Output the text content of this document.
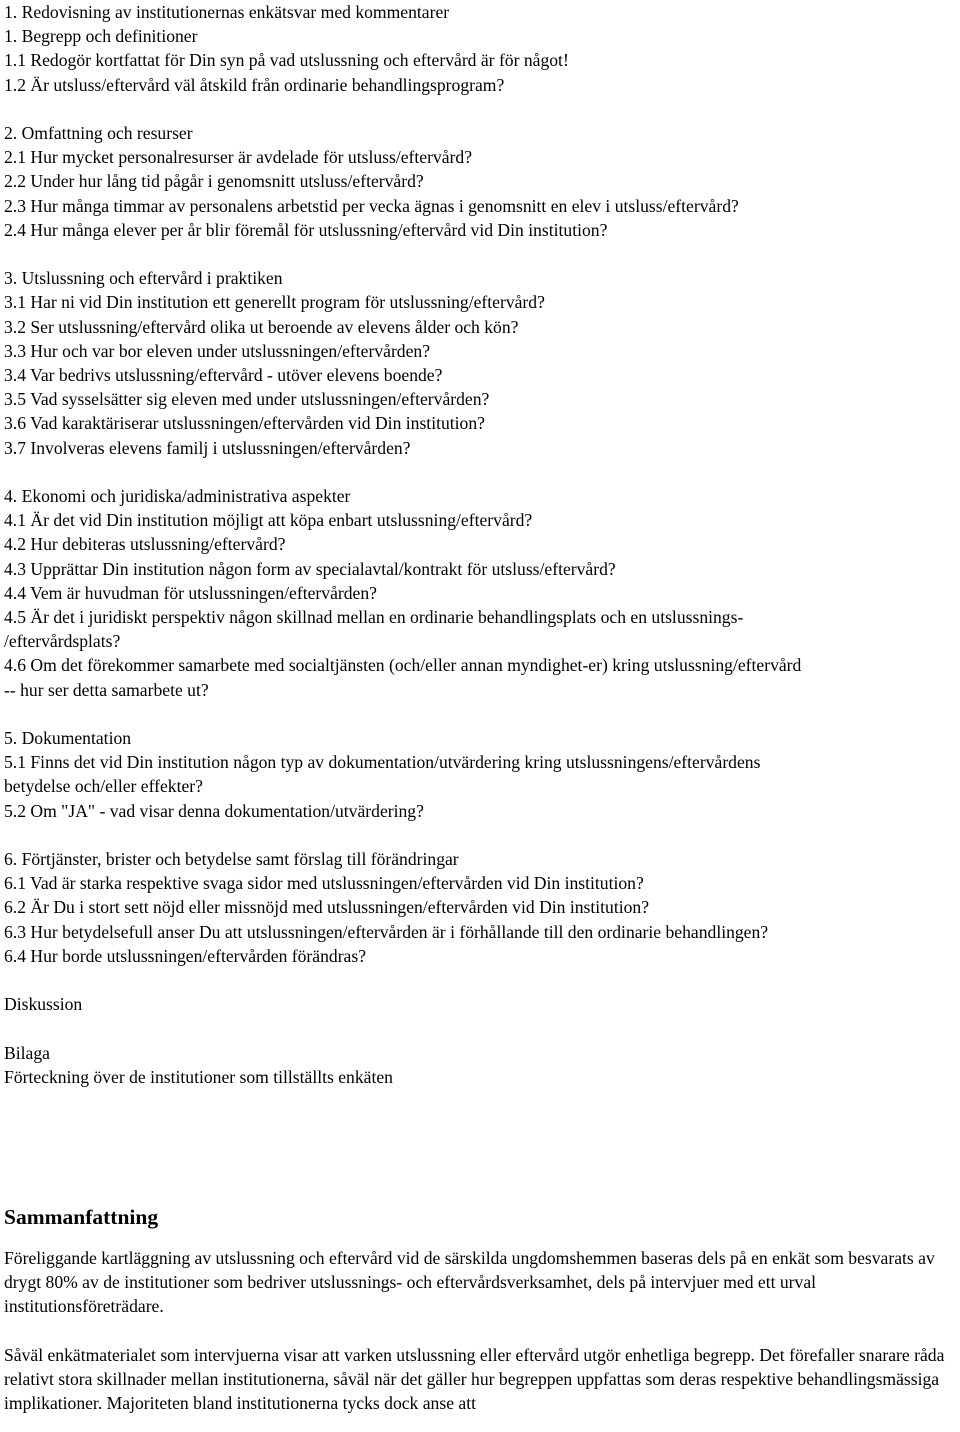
1. Redovisning av institutionernas enkätsvar med kommentarer
1. Begrepp och definitioner
1.1 Redogör kortfattat för Din syn på vad utslussning och eftervård är för något!
1.2 Är utsluss/eftervård väl åtskild från ordinarie behandlingsprogram?
2. Omfattning och resurser
2.1 Hur mycket personalresurser är avdelade för utsluss/eftervård?
2.2 Under hur lång tid pågår i genomsnitt utsluss/eftervård?
2.3 Hur många timmar av personalens arbetstid per vecka ägnas i genomsnitt en elev i utsluss/eftervård?
2.4 Hur många elever per år blir föremål för utslussning/eftervård vid Din institution?
3. Utslussning och eftervård i praktiken
3.1 Har ni vid Din institution ett generellt program för utslussning/eftervård?
3.2 Ser utslussning/eftervård olika ut beroende av elevens ålder och kön?
3.3 Hur och var bor eleven under utslussningen/eftervården?
3.4 Var bedrivs utslussning/eftervård - utöver elevens boende?
3.5 Vad sysselsätter sig eleven med under utslussningen/eftervården?
3.6 Vad karaktäriserar utslussningen/eftervården vid Din institution?
3.7 Involveras elevens familj i utslussningen/eftervården?
4. Ekonomi och juridiska/administrativa aspekter
4.1 Är det vid Din institution möjligt att köpa enbart utslussning/eftervård?
4.2 Hur debiteras utslussning/eftervård?
4.3 Upprättar Din institution någon form av specialavtal/kontrakt för utsluss/eftervård?
4.4 Vem är huvudman för utslussningen/eftervården?
4.5 Är det i juridiskt perspektiv någon skillnad mellan en ordinarie behandlingsplats och en utslussnings-
/eftervårdsplats?
4.6 Om det förekommer samarbete med socialtjänsten (och/eller annan myndighet-er) kring utslussning/eftervård
-- hur ser detta samarbete ut?
5. Dokumentation
5.1 Finns det vid Din institution någon typ av dokumentation/utvärdering kring utslussningens/eftervårdens
betydelse och/eller effekter?
5.2 Om "JA" - vad visar denna dokumentation/utvärdering?
6. Förtjänster, brister och betydelse samt förslag till förändringar
6.1 Vad är starka respektive svaga sidor med utslussningen/eftervården vid Din institution?
6.2 Är Du i stort sett nöjd eller missnöjd med utslussningen/eftervården vid Din institution?
6.3 Hur betydelsefull anser Du att utslussningen/eftervården är i förhållande till den ordinarie behandlingen?
6.4 Hur borde utslussningen/eftervården förändras?
Diskussion
Bilaga
Förteckning över de institutioner som tillställts enkäten
Sammanfattning

Föreliggande kartläggning av utslussning och eftervård vid de särskilda ungdomshemmen baseras dels på en enkät som besvarats av drygt 80% av de institutioner som bedriver utslussnings- och eftervårdsverksamhet, dels på intervjuer med ett urval institutionsföreträdare.

Såväl enkätmaterialet som intervjuerna visar att varken utslussning eller eftervård utgör enhetliga begrepp. Det förefaller snarare råda relativt stora skillnader mellan institutionerna, såväl när det gäller hur begreppen uppfattas som deras respektive behandlingsmässiga implikationer. Majoriteten bland institutionerna tycks dock anse att
